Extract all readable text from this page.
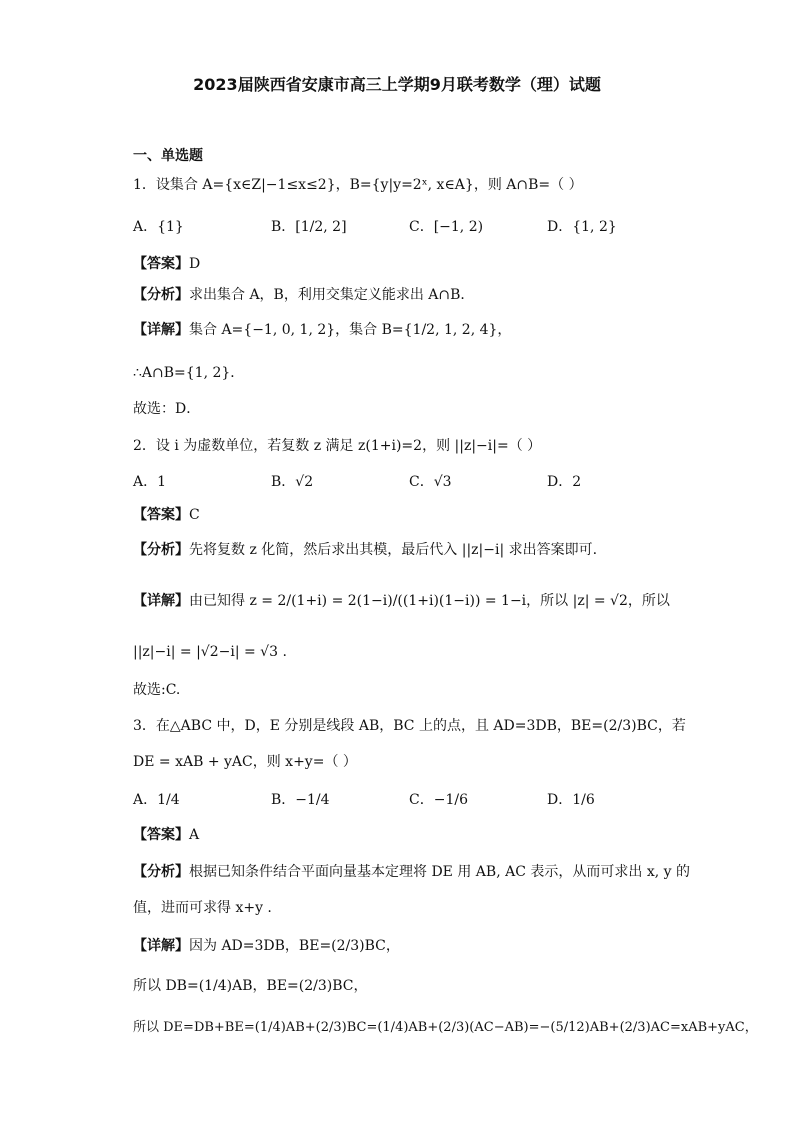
2023届陕西省安康市高三上学期9月联考数学（理）试题
一、单选题
1．设集合 A={x∈Z|−1≤x≤2}，B={y|y=2ˣ, x∈A}，则 A∩B=（ ）
A．{1}	B．[1/2, 2]	C．[−1, 2)	D．{1, 2}
【答案】D
【分析】求出集合 A，B，利用交集定义能求出 A∩B．
【详解】集合 A={−1, 0, 1, 2}，集合 B={1/2, 1, 2, 4}，
∴A∩B={1, 2}．
故选：D．
2．设 i 为虚数单位，若复数 z 满足 z(1+i)=2，则 ||z|−i|=（ ）
A．1	B．√2	C．√3	D．2
【答案】C
【分析】先将复数 z 化简，然后求出其模，最后代入 ||z|−i| 求出答案即可.
【详解】由已知得 z = 2/(1+i) = 2(1−i)/((1+i)(1−i)) = 1−i，所以 |z| = √2，所以
||z|−i| = |√2−i| = √3 .
故选:C.
3．在△ABC 中，D，E 分别是线段 AB，BC 上的点，且 AD=3DB，BE=(2/3)BC，若
DE = xAB + yAC，则 x+y=（ ）
A．1/4	B．−1/4	C．−1/6	D．1/6
【答案】A
【分析】根据已知条件结合平面向量基本定理将 DE 用 AB, AC 表示，从而可求出 x, y 的
值，进而可求得 x+y .
【详解】因为 AD=3DB，BE=(2/3)BC，
所以 DB=(1/4)AB，BE=(2/3)BC，
所以 DE=DB+BE=(1/4)AB+(2/3)BC=(1/4)AB+(2/3)(AC−AB)=−(5/12)AB+(2/3)AC=xAB+yAC，
